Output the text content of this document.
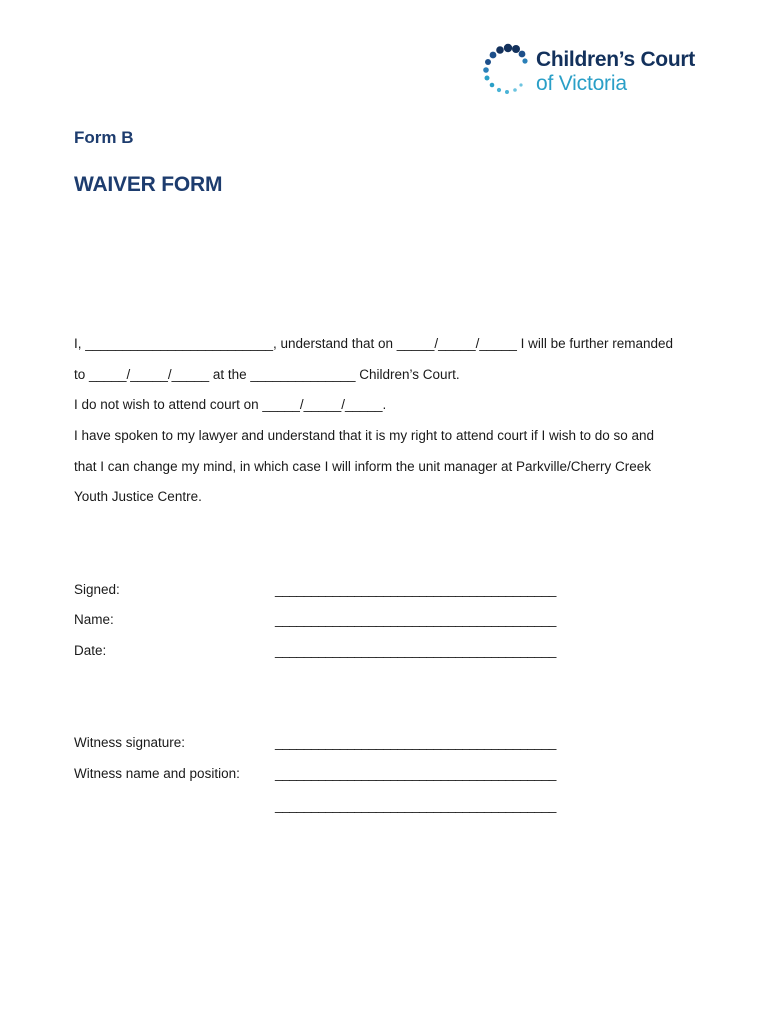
Children’s Court
of Victoria
Form B
WAIVER FORM
I, _________________________, understand that on _____/_____/_____ I will be further remanded
to _____/_____/_____ at the ______________ Children’s Court.
I do not wish to attend court on _____/_____/_____.
I have spoken to my lawyer and understand that it is my right to attend court if I wish to do so and
that I can change my mind, in which case I will inform the unit manager at Parkville/Cherry Creek
Youth Justice Centre.
Signed:	_______________________________________
Name:	_______________________________________
Date:	_______________________________________
Witness signature:	_______________________________________
Witness name and position:	_______________________________________
_______________________________________
